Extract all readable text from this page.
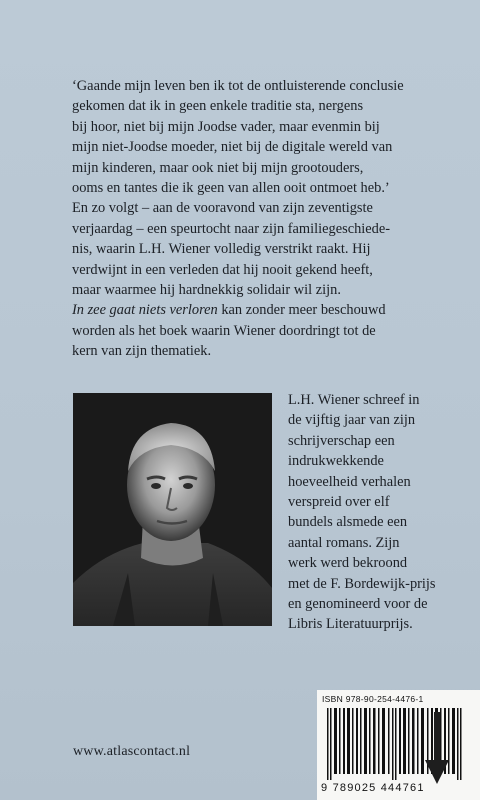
‘Gaande mijn leven ben ik tot de ontluisterende conclusie

gekomen dat ik in geen enkele traditie sta, nergens

bij hoor, niet bij mijn Joodse vader, maar evenmin bij

mijn niet-Joodse moeder, niet bij de digitale wereld van

mijn kinderen, maar ook niet bij mijn grootouders,

ooms en tantes die ik geen van allen ooit ontmoet heb.’

En zo volgt – aan de vooravond van zijn zeventigste

verjaardag – een speurtocht naar zijn familiegeschiede-

nis, waarin L.H. Wiener volledig verstrikt raakt. Hij

verdwijnt in een verleden dat hij nooit gekend heeft,

maar waarmee hij hardnekkig solidair wil zijn.

In zee gaat niets verloren kan zonder meer beschouwd

worden als het boek waarin Wiener doordringt tot de

kern van zijn thematiek.

L.H. Wiener schreef in
de vijftig jaar van zijn
schrijverschap een
indrukwekkende
hoeveelheid verhalen
verspreid over elf
bundels alsmede een
aantal romans. Zijn
werk werd bekroond
met de F. Bordewijk-prijs
en genomineerd voor de
Libris Literatuurprijs.
www.atlascontact.nl
ISBN 978-90-254-4476-1
9 789025 444761
